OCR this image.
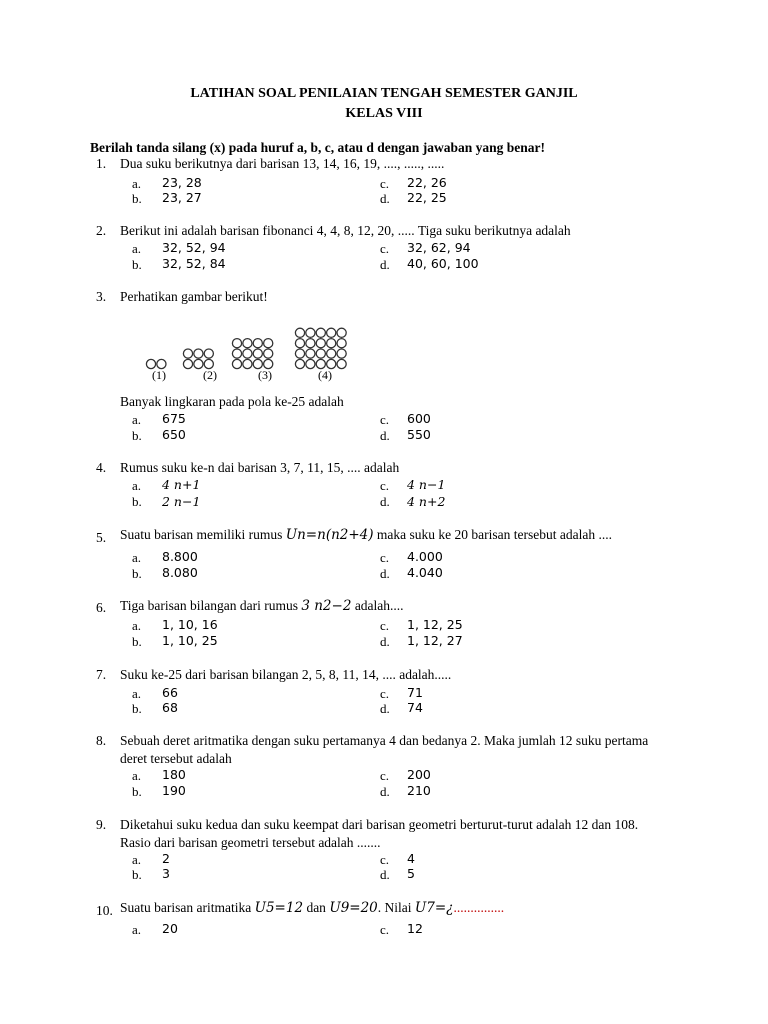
LATIHAN SOAL PENILAIAN TENGAH SEMESTER GANJIL
KELAS VIII
Berilah tanda silang (x) pada huruf a, b, c, atau d dengan jawaban yang benar!
1. Dua suku berikutnya dari barisan 13, 14, 16, 19, ...., ....., .....
a. 23, 28	c. 22, 26
b. 23, 27	d. 22, 25
2. Berikut ini adalah barisan fibonanci 4, 4, 8, 12, 20, ..... Tiga suku berikutnya adalah
a. 32, 52, 94	c. 32, 62, 94
b. 32, 52, 84	d. 40, 60, 100
3. Perhatikan gambar berikut!
(1)	(2)	(3)	(4)
Banyak lingkaran pada pola ke-25 adalah
a. 675	c. 600
b. 650	d. 550
4. Rumus suku ke-n dai barisan 3, 7, 11, 15, .... adalah
a. 4 n+1	c. 4 n−1
b. 2 n−1	d. 4 n+2
5. Suatu barisan memiliki rumus Un=n(n2+4) maka suku ke 20 barisan tersebut adalah ....
a. 8.800	c. 4.000
b. 8.080	d. 4.040
6. Tiga barisan bilangan dari rumus 3 n2−2 adalah....
a. 1, 10, 16	c. 1, 12, 25
b. 1, 10, 25	d. 1, 12, 27
7. Suku ke-25 dari barisan bilangan 2, 5, 8, 11, 14, .... adalah.....
a. 66	c. 71
b. 68	d. 74
8. Sebuah deret aritmatika dengan suku pertamanya 4 dan bedanya 2. Maka jumlah 12 suku pertama
deret tersebut adalah
a. 180	c. 200
b. 190	d. 210
9. Diketahui suku kedua dan suku keempat dari barisan geometri berturut-turut adalah 12 dan 108.
Rasio dari barisan geometri tersebut adalah .......
a. 2	c. 4
b. 3	d. 5
10. Suatu barisan aritmatika U5=12 dan U9=20. Nilai U7=¿...............
a. 20	c. 12
